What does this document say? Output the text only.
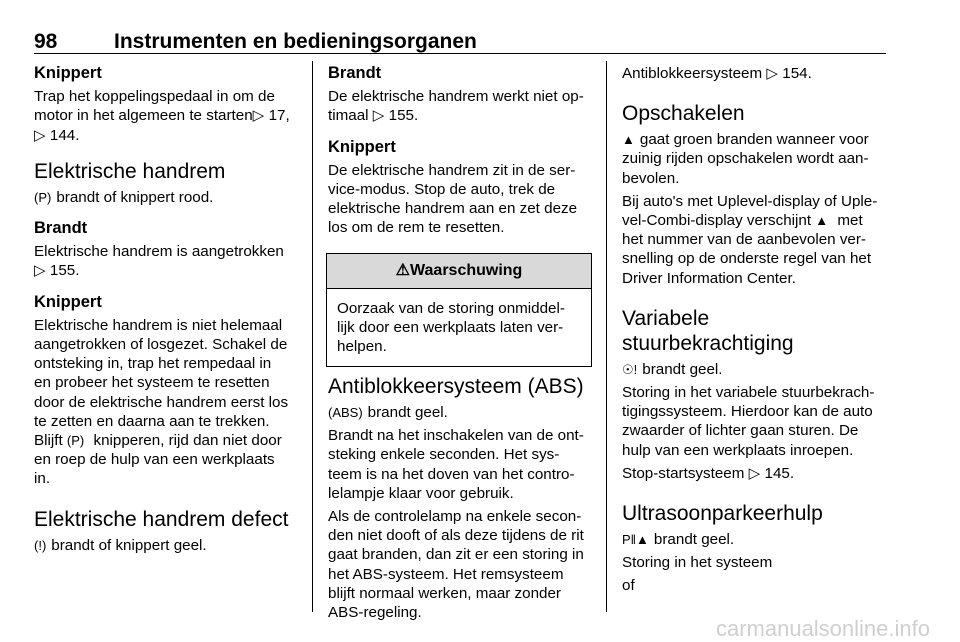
98	Instrumenten en bedieningsorganen
Knippert

Trap het koppelingspedaal in om de

motor in het algemeen te starten▷ 17,

▷ 144.

Elektrische handrem

(P) brandt of knippert rood.

Brandt

Elektrische handrem is aangetrokken

▷ 155.

Knippert

Elektrische handrem is niet helemaal

aangetrokken of losgezet. Schakel de

ontsteking in, trap het rempedaal in

en probeer het systeem te resetten

door de elektrische handrem eerst los

te zetten en daarna aan te trekken.

Blijft (P) knipperen, rijd dan niet door

en roep de hulp van een werkplaats

in.

Elektrische handrem defect

(!) brandt of knippert geel.

Brandt

De elektrische handrem werkt niet op-

timaal ▷ 155.

Knippert

De elektrische handrem zit in de ser-

vice-modus. Stop de auto, trek de

elektrische handrem aan en zet deze

los om de rem te resetten.

⚠Waarschuwing

Oorzaak van de storing onmiddel-

lijk door een werkplaats laten ver-

helpen.

Antiblokkeersysteem (ABS)

(ABS) brandt geel.

Brandt na het inschakelen van de ont-

steking enkele seconden. Het sys-

teem is na het doven van het contro-

lelampje klaar voor gebruik.

Als de controlelamp na enkele secon-

den niet dooft of als deze tijdens de rit

gaat branden, dan zit er een storing in

het ABS-systeem. Het remsysteem

blijft normaal werken, maar zonder

ABS-regeling.

Antiblokkeersysteem ▷ 154.

Opschakelen

▲ gaat groen branden wanneer voor

zuinig rijden opschakelen wordt aan-

bevolen.

Bij auto's met Uplevel-display of Uple-

vel-Combi-display verschijnt ▲ met

het nummer van de aanbevolen ver-

snelling op de onderste regel van het

Driver Information Center.

Variabele
stuurbekrachtiging

☉! brandt geel.

Storing in het variabele stuurbekrach-

tigingssysteem. Hierdoor kan de auto

zwaarder of lichter gaan sturen. De

hulp van een werkplaats inroepen.

Stop-startsysteem ▷ 145.

Ultrasoonparkeerhulp

P‖▲ brandt geel.

Storing in het systeem

of

carmanualsonline.info
